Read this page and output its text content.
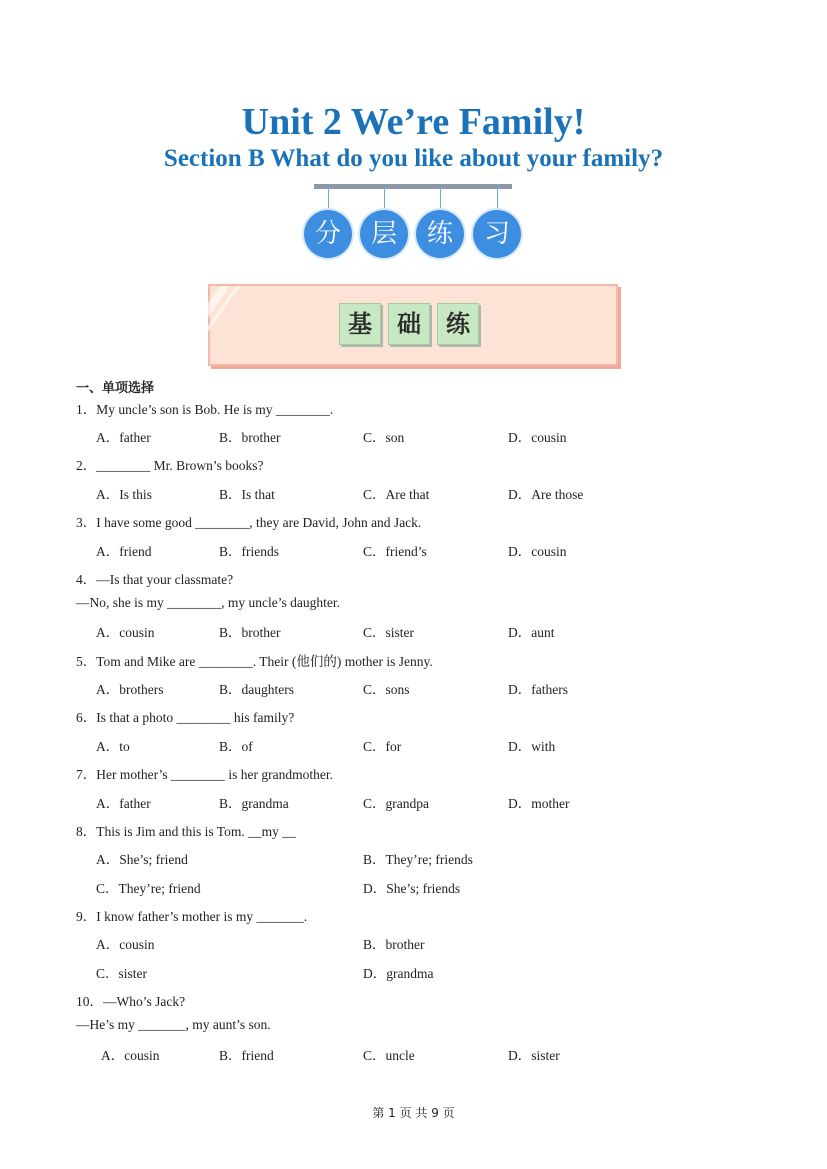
Unit 2 We’re Family!
Section B What do you like about your family?
分	层	练	习
基	础	练
一、单项选择
1．My uncle’s son is Bob. He is my ________.
A．father	B．brother	C．son	D．cousin
2．________ Mr. Brown’s books?
A．Is this	B．Is that	C．Are that	D．Are those
3．I have some good ________, they are David, John and Jack.
A．friend	B．friends	C．friend’s	D．cousin
4．—Is that your classmate?
—No, she is my ________, my uncle’s daughter.
A．cousin	B．brother	C．sister	D．aunt
5．Tom and Mike are ________. Their (他们的) mother is Jenny.
A．brothers	B．daughters	C．sons	D．fathers
6．Is that a photo ________ his family?
A．to	B．of	C．for	D．with
7．Her mother’s ________ is her grandmother.
A．father	B．grandma	C．grandpa	D．mother
8．This is Jim and this is Tom. __my __
A．She’s; friend	B．They’re; friends
C．They’re; friend	D．She’s; friends
9．I know father’s mother is my _______.
A．cousin	B．brother
C．sister	D．grandma
10．—Who’s Jack?
—He’s my _______, my aunt’s son.
A．cousin	B．friend	C．uncle	D．sister
第 1 页 共 9 页
